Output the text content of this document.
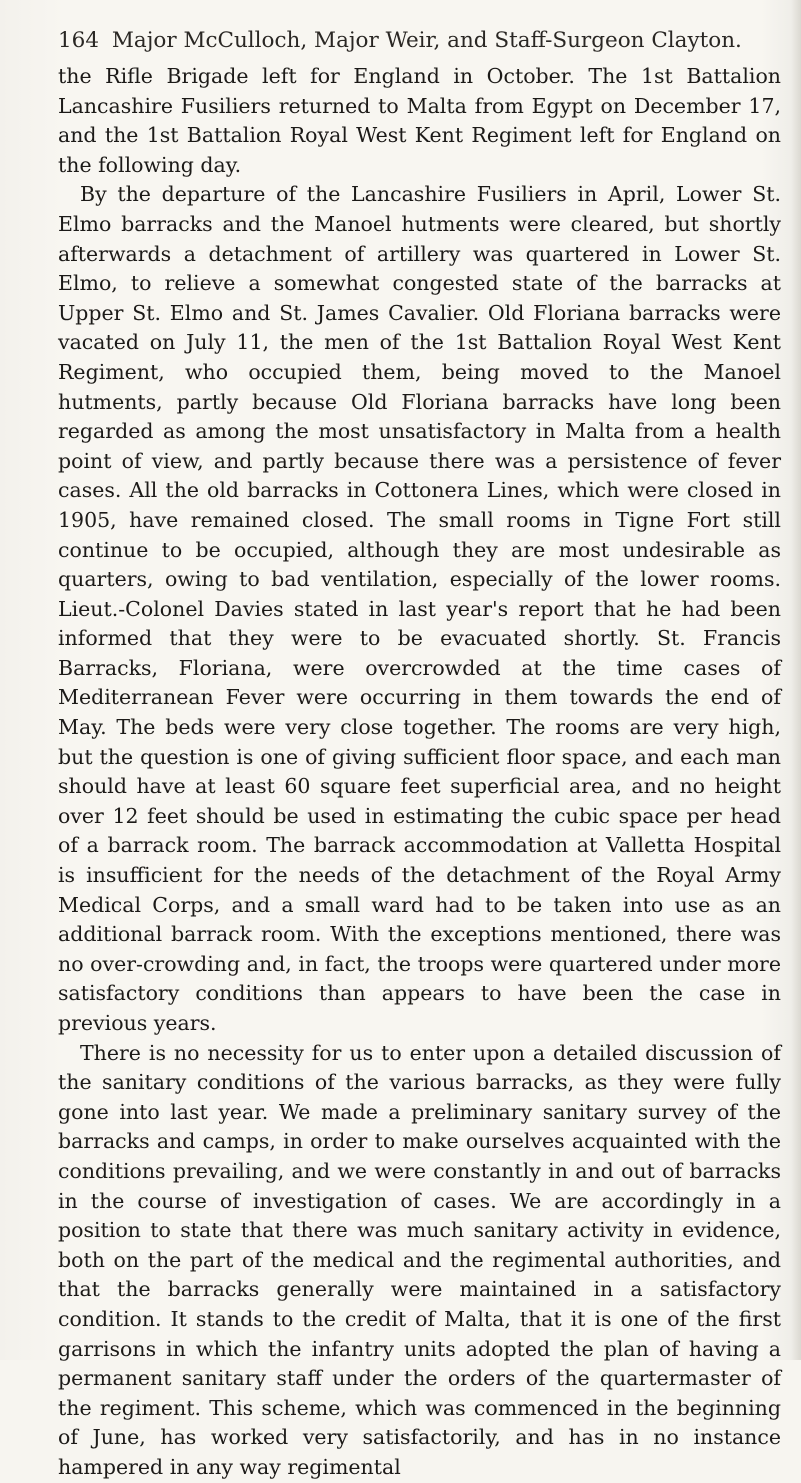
164 Major McCulloch, Major Weir, and Staff-Surgeon Clayton.

the Rifle Brigade left for England in October. The 1st Battalion Lancashire Fusiliers returned to Malta from Egypt on December 17, and the 1st Battalion Royal West Kent Regiment left for England on the following day.

By the departure of the Lancashire Fusiliers in April, Lower St. Elmo barracks and the Manoel hutments were cleared, but shortly afterwards a detachment of artillery was quartered in Lower St. Elmo, to relieve a somewhat congested state of the barracks at Upper St. Elmo and St. James Cavalier. Old Floriana barracks were vacated on July 11, the men of the 1st Battalion Royal West Kent Regiment, who occupied them, being moved to the Manoel hutments, partly because Old Floriana barracks have long been regarded as among the most unsatisfactory in Malta from a health point of view, and partly because there was a persistence of fever cases. All the old barracks in Cottonera Lines, which were closed in 1905, have remained closed. The small rooms in Tigne Fort still continue to be occupied, although they are most undesirable as quarters, owing to bad ventilation, especially of the lower rooms. Lieut.-Colonel Davies stated in last year's report that he had been informed that they were to be evacuated shortly. St. Francis Barracks, Floriana, were overcrowded at the time cases of Mediterranean Fever were occurring in them towards the end of May. The beds were very close together. The rooms are very high, but the question is one of giving sufficient floor space, and each man should have at least 60 square feet superficial area, and no height over 12 feet should be used in estimating the cubic space per head of a barrack room. The barrack accommodation at Valletta Hospital is insufficient for the needs of the detachment of the Royal Army Medical Corps, and a small ward had to be taken into use as an additional barrack room. With the exceptions mentioned, there was no over-crowding and, in fact, the troops were quartered under more satisfactory conditions than appears to have been the case in previous years.

There is no necessity for us to enter upon a detailed discussion of the sanitary conditions of the various barracks, as they were fully gone into last year. We made a preliminary sanitary survey of the barracks and camps, in order to make ourselves acquainted with the conditions prevailing, and we were constantly in and out of barracks in the course of investigation of cases. We are accordingly in a position to state that there was much sanitary activity in evidence, both on the part of the medical and the regimental authorities, and that the barracks generally were maintained in a satisfactory condition. It stands to the credit of Malta, that it is one of the first garrisons in which the infantry units adopted the plan of having a permanent sanitary staff under the orders of the quartermaster of the regiment. This scheme, which was commenced in the beginning of June, has worked very satisfactorily, and has in no instance hampered in any way regimental
